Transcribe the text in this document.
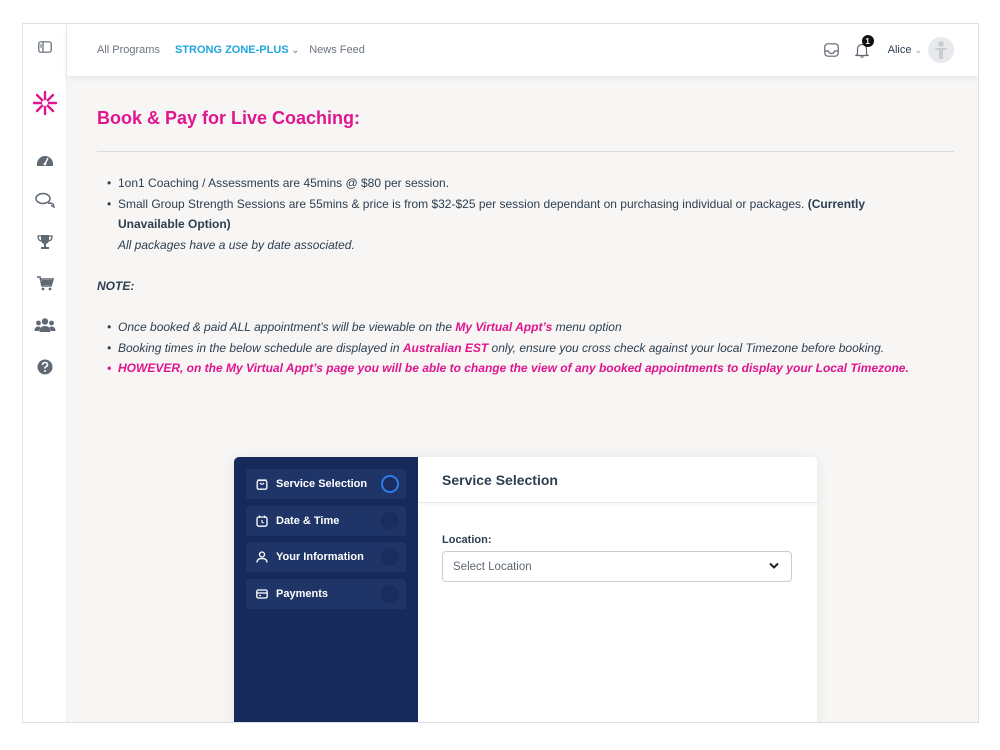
All Programs STRONG ZONE-PLUS ⌄ News Feed
1
Alice ⌄
Book & Pay for Live Coaching:
• 1on1 Coaching / Assessments are 45mins @ $80 per session.
• Small Group Strength Sessions are 55mins & price is from $32-$25 per session dependant on purchasing individual or packages. (Currently Unavailable Option)
All packages have a use by date associated.
NOTE:
• Once booked & paid ALL appointment’s will be viewable on the My Virtual Appt’s menu option
• Booking times in the below schedule are displayed in Australian EST only, ensure you cross check against your local Timezone before booking.
• HOWEVER, on the My Virtual Appt’s page you will be able to change the view of any booked appointments to display your Local Timezone.
Service Selection
Date & Time
Your Information
Payments
Service Selection
Location:
Select Location
